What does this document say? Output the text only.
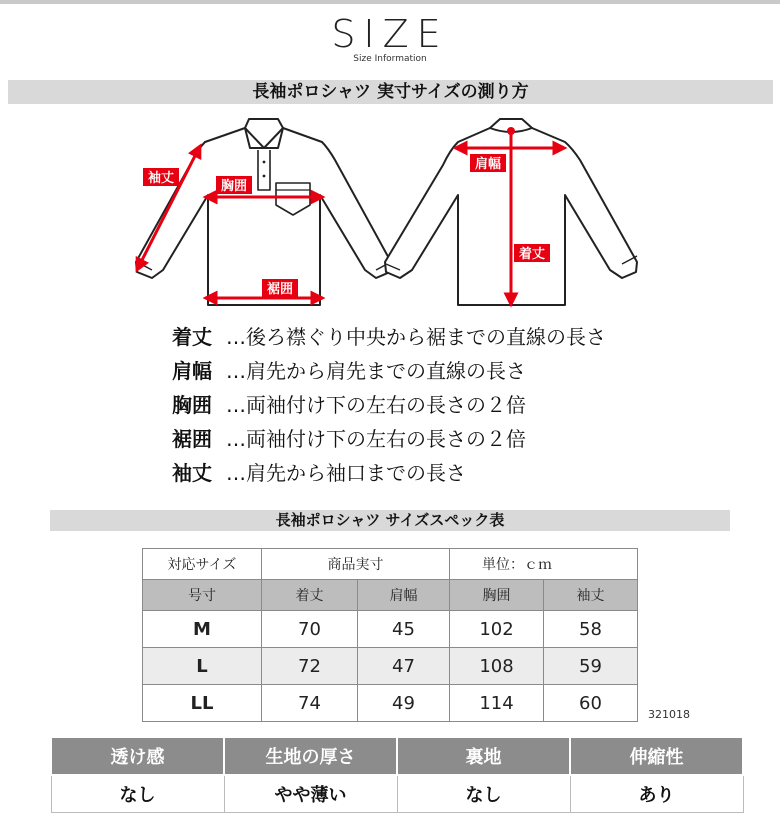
SIZE
Size Information
長袖ポロシャツ 実寸サイズの測り方
袖丈
胸囲
裾囲
肩幅
着丈
着丈 …後ろ襟ぐり中央から裾までの直線の長さ
肩幅 …肩先から肩先までの直線の長さ
胸囲 …両袖付け下の左右の長さの２倍
裾囲 …両袖付け下の左右の長さの２倍
袖丈 …肩先から袖口までの長さ
長袖ポロシャツ サイズスペック表
対応サイズ	商品実寸		単位：ｃｍ	
号寸	着丈	肩幅	胸囲	袖丈
M	70	45	102	58
L	72	47	108	59
LL	74	49	114	60
321018
透け感	生地の厚さ	裏地	伸縮性
なし	やや薄い	なし	あり
